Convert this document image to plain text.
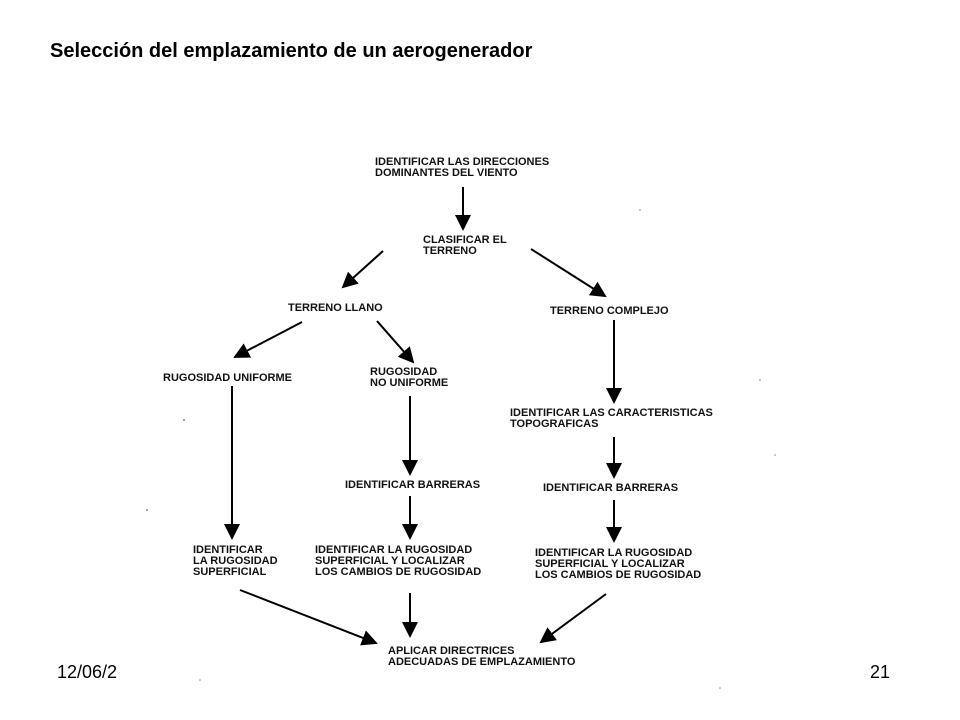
Selección del emplazamiento de un aerogenerador
IDENTIFICAR LAS DIRECCIONES DOMINANTES DEL VIENTO
CLASIFICAR EL TERRENO
TERRENO LLANO	TERRENO COMPLEJO
RUGOSIDAD UNIFORME	RUGOSIDAD NO UNIFORME
IDENTIFICAR LAS CARACTERISTICAS TOPOGRAFICAS
IDENTIFICAR BARRERAS	IDENTIFICAR BARRERAS
IDENTIFICAR LA RUGOSIDAD SUPERFICIAL
IDENTIFICAR LA RUGOSIDAD SUPERFICIAL Y LOCALIZAR LOS CAMBIOS DE RUGOSIDAD
IDENTIFICAR LA RUGOSIDAD SUPERFICIAL Y LOCALIZAR LOS CAMBIOS DE RUGOSIDAD
APLICAR DIRECTRICES ADECUADAS DE EMPLAZAMIENTO
12/06/2	21
